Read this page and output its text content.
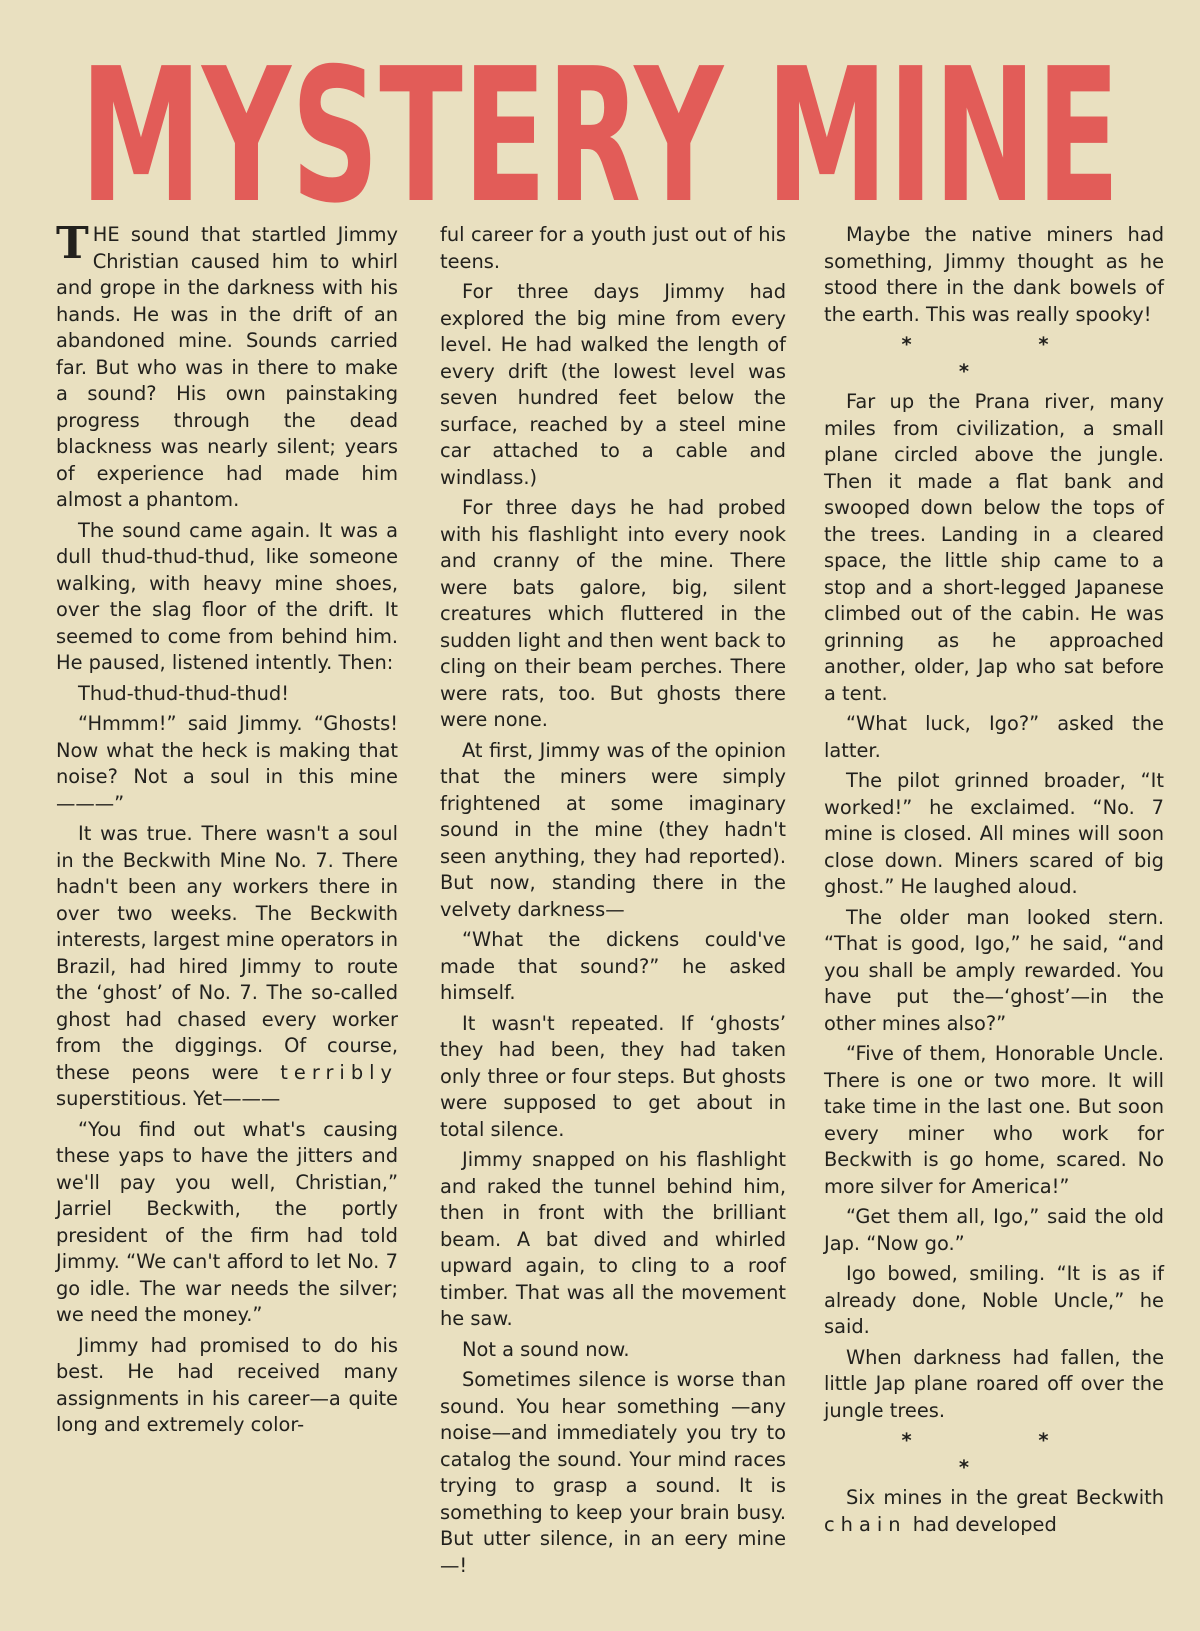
MYSTERY MINE

THE sound that startled Jimmy Christian caused him to whirl and grope in the darkness with his hands. He was in the drift of an abandoned mine. Sounds carried far. But who was in there to make a sound? His own painstaking progress through the dead blackness was nearly silent; years of experience had made him almost a phantom.

The sound came again. It was a dull thud-thud-thud, like someone walking, with heavy mine shoes, over the slag floor of the drift. It seemed to come from behind him. He paused, listened intently. Then:

Thud-thud-thud-thud!

“Hmmm!” said Jimmy. “Ghosts! Now what the heck is making that noise? Not a soul in this mine———”

It was true. There wasn't a soul in the Beckwith Mine No. 7. There hadn't been any workers there in over two weeks. The Beckwith interests, largest mine operators in Brazil, had hired Jimmy to route the ‘ghost’ of No. 7. The so-called ghost had chased every worker from the diggings. Of course, these peons were terribly superstitious. Yet———

“You find out what's causing these yaps to have the jitters and we'll pay you well, Christian,” Jarriel Beckwith, the portly president of the firm had told Jimmy. “We can't afford to let No. 7 go idle. The war needs the silver; we need the money.”

Jimmy had promised to do his best. He had received many assignments in his career—a quite long and extremely color-

ful career for a youth just out of his teens.

For three days Jimmy had explored the big mine from every level. He had walked the length of every drift (the lowest level was seven hundred feet below the surface, reached by a steel mine car attached to a cable and windlass.)

For three days he had probed with his flashlight into every nook and cranny of the mine. There were bats galore, big, silent creatures which fluttered in the sudden light and then went back to cling on their beam perches. There were rats, too. But ghosts there were none.

At first, Jimmy was of the opinion that the miners were simply frightened at some imaginary sound in the mine (they hadn't seen anything, they had reported). But now, standing there in the velvety darkness—

“What the dickens could've made that sound?” he asked himself.

It wasn't repeated. If ‘ghosts’ they had been, they had taken only three or four steps. But ghosts were supposed to get about in total silence.

Jimmy snapped on his flashlight and raked the tunnel behind him, then in front with the brilliant beam. A bat dived and whirled upward again, to cling to a roof timber. That was all the movement he saw.

Not a sound now.

Sometimes silence is worse than sound. You hear something —any noise—and immediately you try to catalog the sound. Your mind races trying to grasp a sound. It is something to keep your brain busy. But utter silence, in an eery mine—!

Maybe the native miners had something, Jimmy thought as he stood there in the dank bowels of the earth. This was really spooky!

* * *

Far up the Prana river, many miles from civilization, a small plane circled above the jungle. Then it made a flat bank and swooped down below the tops of the trees. Landing in a cleared space, the little ship came to a stop and a short-legged Japanese climbed out of the cabin. He was grinning as he approached another, older, Jap who sat before a tent.

“What luck, Igo?” asked the latter.

The pilot grinned broader, “It worked!” he exclaimed. “No. 7 mine is closed. All mines will soon close down. Miners scared of big ghost.” He laughed aloud.

The older man looked stern. “That is good, Igo,” he said, “and you shall be amply rewarded. You have put the—‘ghost’—in the other mines also?”

“Five of them, Honorable Uncle. There is one or two more. It will take time in the last one. But soon every miner who work for Beckwith is go home, scared. No more silver for America!”

“Get them all, Igo,” said the old Jap. “Now go.”

Igo bowed, smiling. “It is as if already done, Noble Uncle,” he said.

When darkness had fallen, the little Jap plane roared off over the jungle trees.

* * *

Six mines in the great Beckwith chain had developed
